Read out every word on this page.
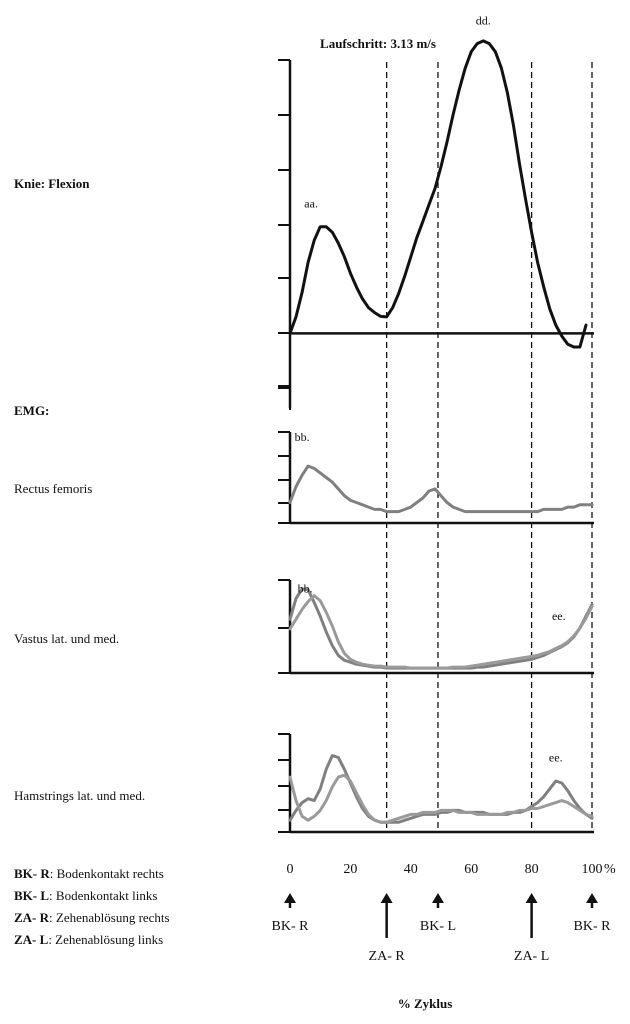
Laufschritt: 3.13 m/s
Knie: Flexion
EMG:
Rectus femoris
Vastus lat. und med.
Hamstrings lat. und med.
BK- R: Bodenkontakt rechts
BK- L: Bodenkontakt links
ZA- R: Zehenablösung rechts
ZA- L: Zehenablösung links
% Zyklus
aa.
dd.
bb.
bb.
ee.
ee.
0	20	40	60	80	100 %
BK- R
ZA- R
BK- L
ZA- L
BK- R
